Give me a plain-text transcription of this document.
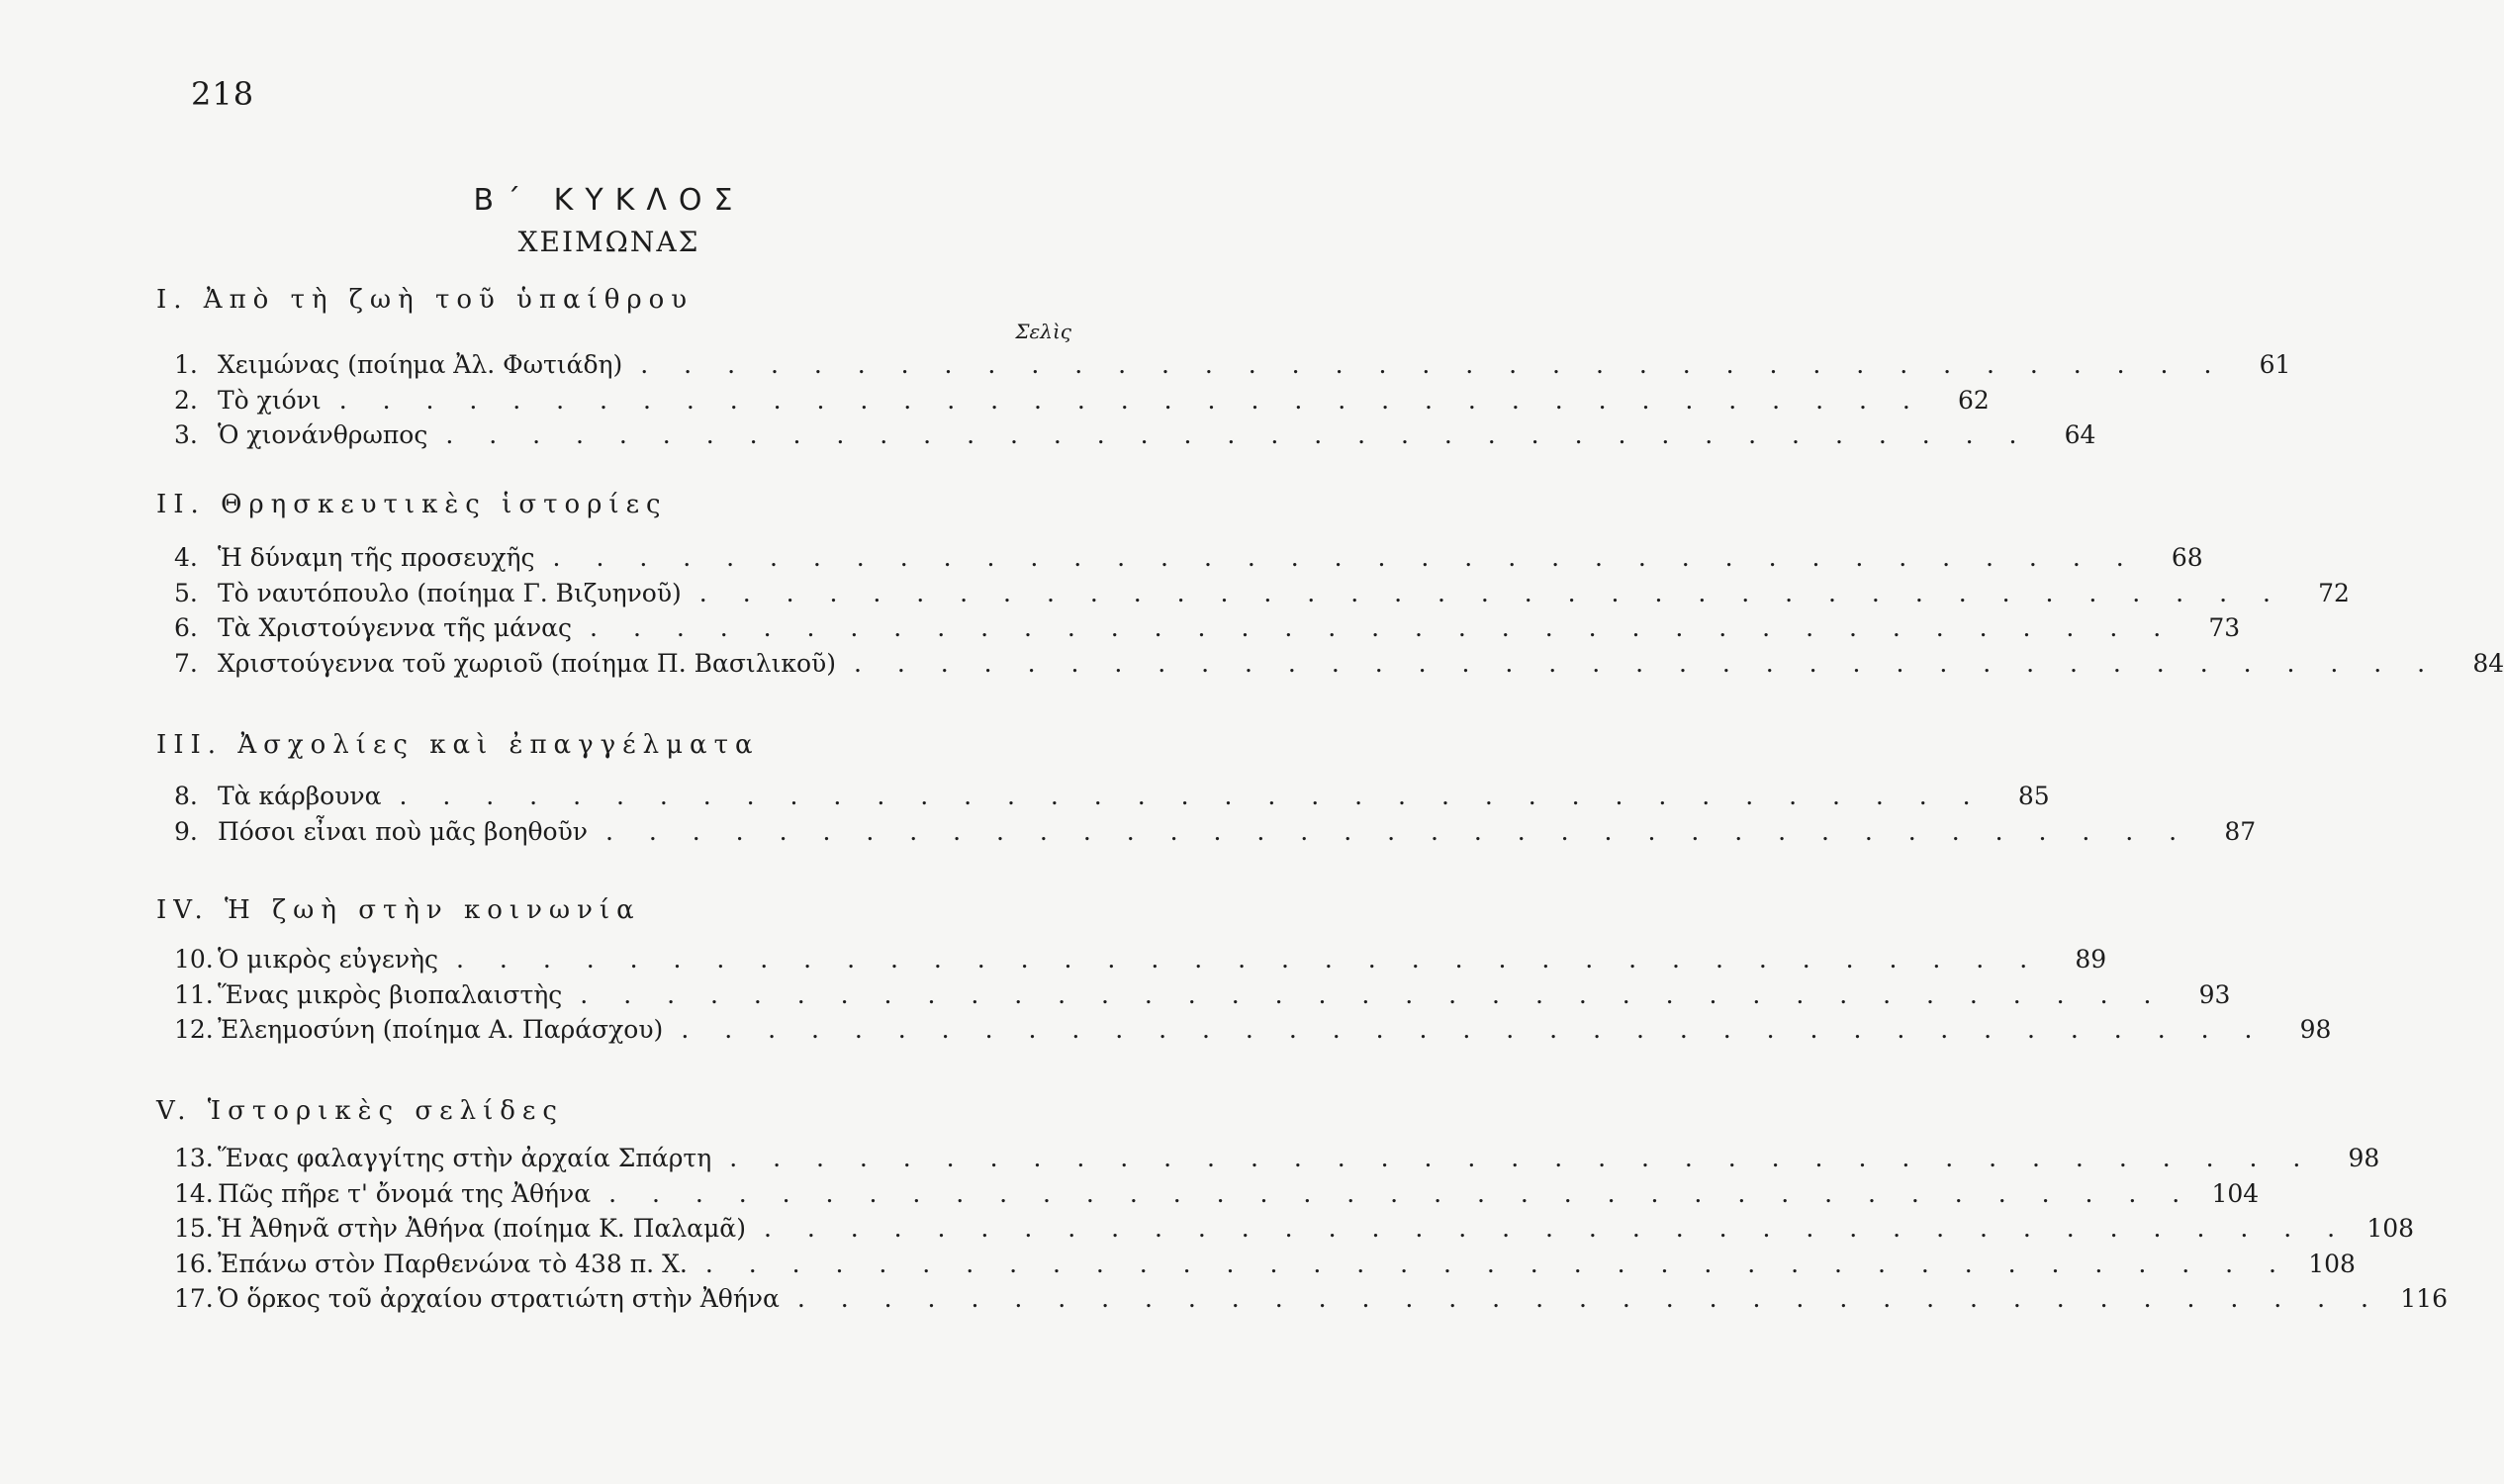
218
Β΄ ΚΥΚΛΟΣ
ΧΕΙΜΩΝΑΣ
Σελὶς
I. Ἀπὸ τὴ ζωὴ τοῦ ὑπαίθρου
1. Χειμώνας (ποίημα Ἀλ. Φωτιάδη) . . . . . . . . . . . . . . . . . . . . . . . . . . . . . . . . . . . . .	61
2. Τὸ χιόνι . . . . . . . . . . . . . . . . . . . . . . . . . . . . . . . . . . . . .	62
3. Ὁ χιονάνθρωπος . . . . . . . . . . . . . . . . . . . . . . . . . . . . . . . . . . . . .	64
II. Θρησκευτικὲς ἱστορίες
4. Ἡ δύναμη τῆς προσευχῆς . . . . . . . . . . . . . . . . . . . . . . . . . . . . . . . . . . . . .	68
5. Τὸ ναυτόπουλο (ποίημα Γ. Βιζυηνοῦ) . . . . . . . . . . . . . . . . . . . . . . . . . . . . . . . . . . . . .	72
6. Τὰ Χριστούγεννα τῆς μάνας . . . . . . . . . . . . . . . . . . . . . . . . . . . . . . . . . . . . .	73
7. Χριστούγεννα τοῦ χωριοῦ (ποίημα Π. Βασιλικοῦ) . . . . . . . . . . . . . . . . . . . . . . . . . . . . . . . . . . . . .	84
III. Ἀσχολίες καὶ ἐπαγγέλματα
8. Τὰ κάρβουνα . . . . . . . . . . . . . . . . . . . . . . . . . . . . . . . . . . . . .	85
9. Πόσοι εἶναι ποὺ μᾶς βοηθοῦν . . . . . . . . . . . . . . . . . . . . . . . . . . . . . . . . . . . . .	87
IV. Ἡ ζωὴ στὴν κοινωνία
10. Ὁ μικρὸς εὐγενὴς . . . . . . . . . . . . . . . . . . . . . . . . . . . . . . . . . . . . .	89
11. Ἕνας μικρὸς βιοπαλαιστὴς . . . . . . . . . . . . . . . . . . . . . . . . . . . . . . . . . . . . .	93
12. Ἐλεημοσύνη (ποίημα Α. Παράσχου) . . . . . . . . . . . . . . . . . . . . . . . . . . . . . . . . . . . . .	98
V. Ἱστορικὲς σελίδες
13. Ἕνας φαλαγγίτης στὴν ἀρχαία Σπάρτη . . . . . . . . . . . . . . . . . . . . . . . . . . . . . . . . . . . . .	98
14. Πῶς πῆρε τ' ὄνομά της Ἀθήνα . . . . . . . . . . . . . . . . . . . . . . . . . . . . . . . . . . . . . 104
15. Ἡ Ἀθηνᾶ στὴν Ἀθήνα (ποίημα Κ. Παλαμᾶ) . . . . . . . . . . . . . . . . . . . . . . . . . . . . . . . . . . . . . 108
16. Ἐπάνω στὸν Παρθενώνα τὸ 438 π. Χ. . . . . . . . . . . . . . . . . . . . . . . . . . . . . . . . . . . . . . 108
17. Ὁ ὅρκος τοῦ ἀρχαίου στρατιώτη στὴν Ἀθήνα . . . . . . . . . . . . . . . . . . . . . . . . . . . . . . . . . . . . . 116
